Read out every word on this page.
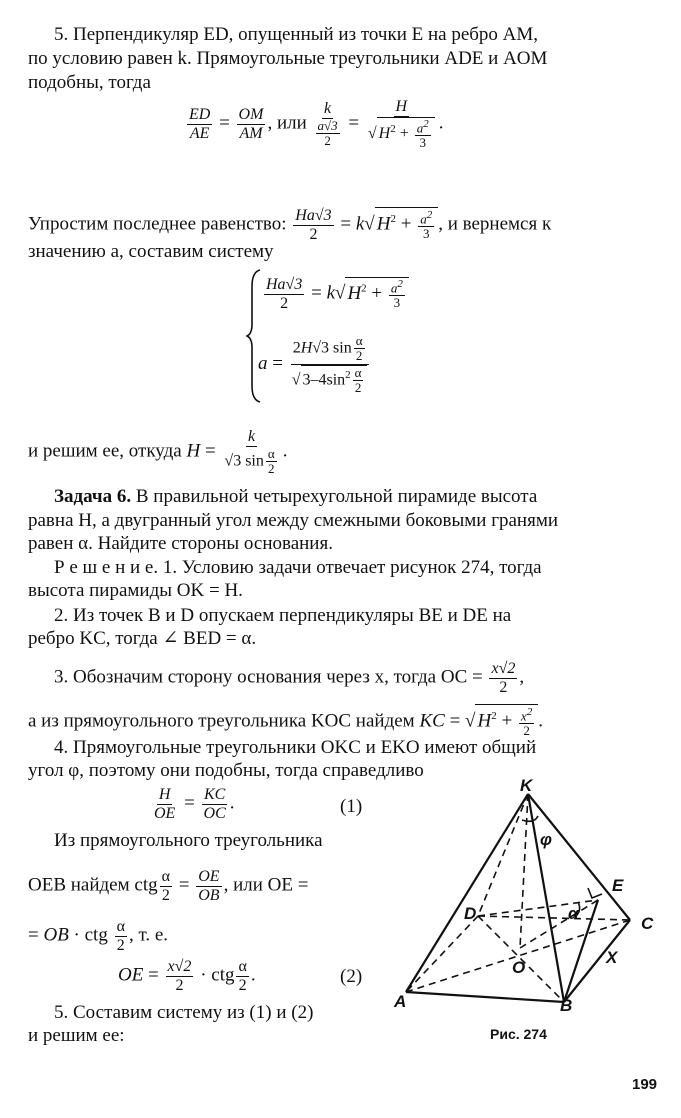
5. Перпендикуляр ED, опущенный из точки E на ребро AM,
по условию равен k. Прямоугольные треугольники ADE и AOM
подобны, тогда
$\frac{ED}{AE} = \frac{OM}{AM}$ , или $\frac{k}{\frac{a√3}{2}} = \frac{H}{√ H^2 + \frac{a^2}{3}}$ .
Упростим последнее равенство: $\frac{Ha√3}{2} = k√$ $H^2 + \frac{a^2}{3}$ , и вернемся к
значению a, составим систему
$\frac{Ha√3}{2} = k√$ $H^2 + \frac{a^2}{3}$
$a = \frac{2H√3 \sin \frac{\alpha}{2}}{√ 3-4\sin^2 \frac{\alpha}{2}}$
и решим ее, откуда $H = \frac{k}{√3 \sin \frac{\alpha}{2}}$ .
Задача 6. В правильной четырехугольной пирамиде высота
равна H, а двугранный угол между смежными боковыми гранями
равен α. Найдите стороны основания.
Р е ш е н и е. 1. Условию задачи отвечает рисунок 274, тогда
высота пирамиды OK = H.
2. Из точек B и D опускаем перпендикуляры BE и DE на
ребро KC, тогда ∠ BED = α.
3. Обозначим сторону основания через x, тогда OC = $\frac{x√2}{2}$ ,
а из прямоугольного треугольника KOC найдем KC = √ $H^2 + \frac{x^2}{2}$ .
4. Прямоугольные треугольники OKC и EKO имеют общий
угол φ, поэтому они подобны, тогда справедливо
$\frac{H}{OE} = \frac{KC}{OC}$ .	(1)
Из прямоугольного треугольника
OEB найдем ctg $\frac{\alpha}{2} = \frac{OE}{OB}$ , или OE =
= OB · ctg $\frac{\alpha}{2}$ , т. е.
OE = $\frac{x√2}{2}$ · ctg $\frac{\alpha}{2}$ .	(2)
5. Составим систему из (1) и (2)
и решим ее:
K
E
D
C
O
A	B
X
α
φ
Рис. 274
199
